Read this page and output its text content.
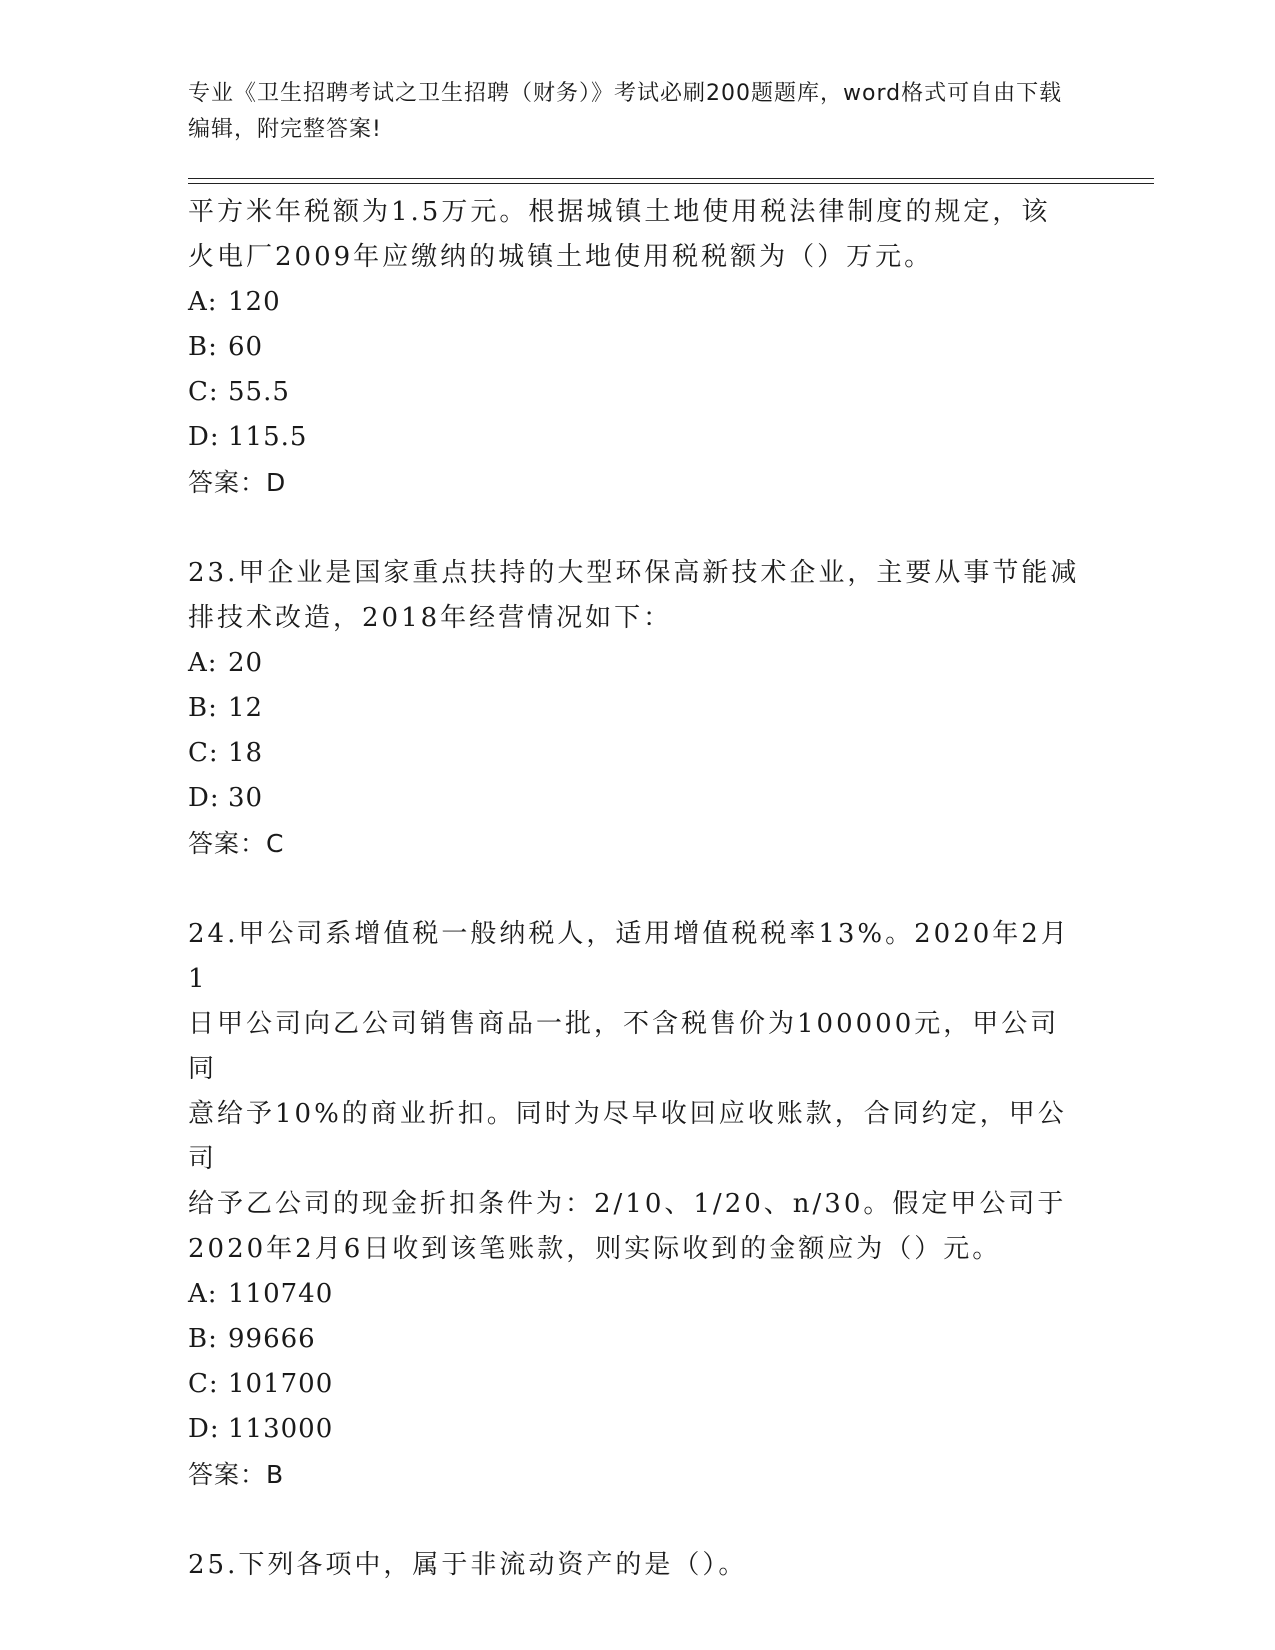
专业《卫生招聘考试之卫生招聘（财务）》考试必刷200题题库，word格式可自由下载编辑，附完整答案!

平方米年税额为1.5万元。根据城镇土地使用税法律制度的规定，该

火电厂2009年应缴纳的城镇土地使用税税额为（）万元。

A: 120

B: 60

C: 55.5

D: 115.5

答案：D

23.甲企业是国家重点扶持的大型环保高新技术企业，主要从事节能减

排技术改造，2018年经营情况如下：

A: 20

B: 12

C: 18

D: 30

答案：C

24.甲公司系增值税一般纳税人，适用增值税税率13%。2020年2月1

日甲公司向乙公司销售商品一批，不含税售价为100000元，甲公司同

意给予10%的商业折扣。同时为尽早收回应收账款，合同约定，甲公司

给予乙公司的现金折扣条件为：2/10、1/20、n/30。假定甲公司于

2020年2月6日收到该笔账款，则实际收到的金额应为（）元。

A: 110740

B: 99666

C: 101700

D: 113000

答案：B

25.下列各项中，属于非流动资产的是（）。
